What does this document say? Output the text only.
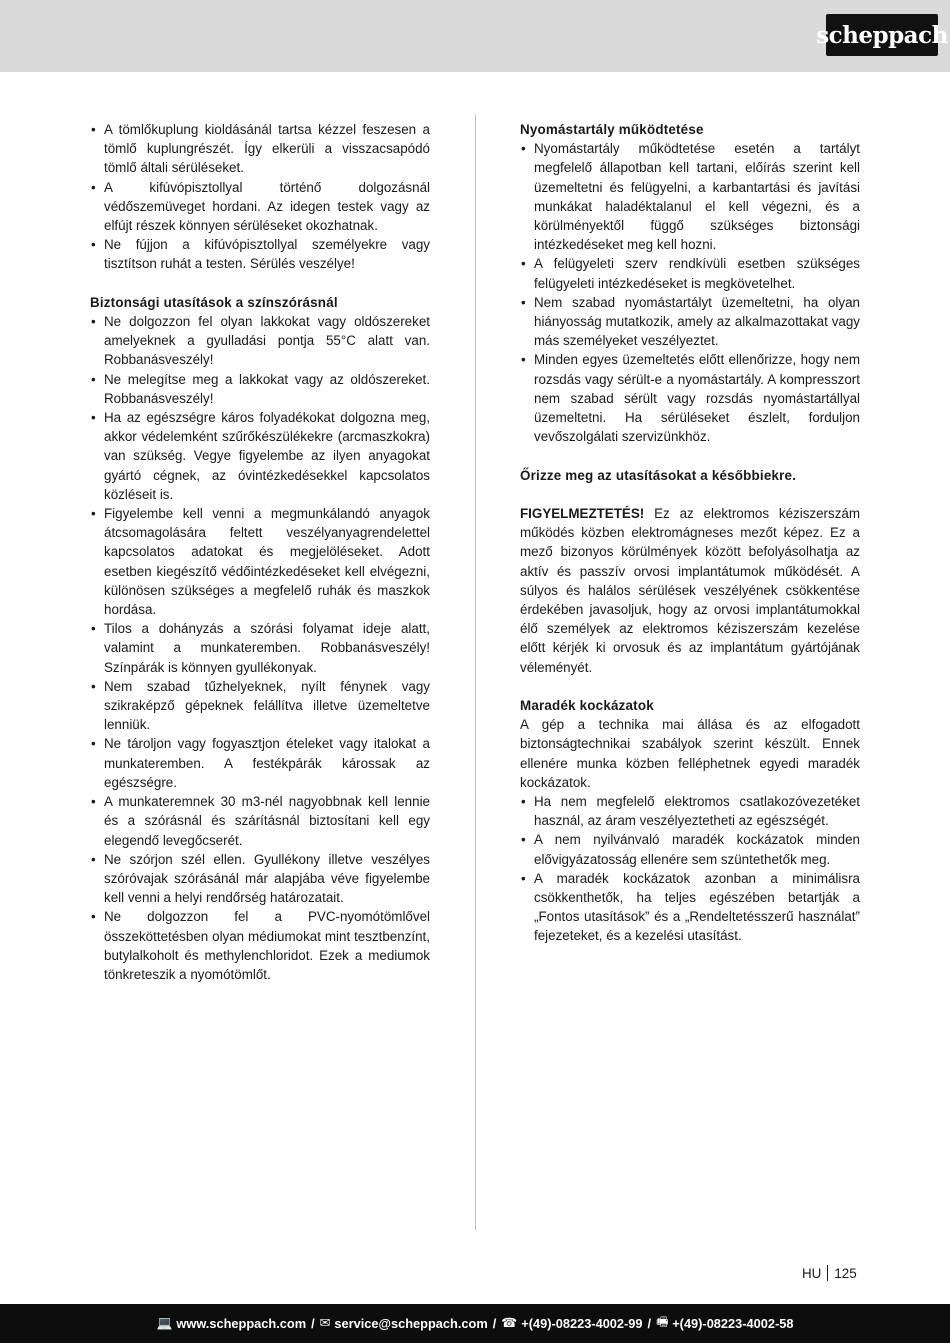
scheppach
• A tömlőkuplung kioldásánál tartsa kézzel feszesen a tömlő kuplungrészét. Így elkerüli a visszacsapódó tömlő általi sérüléseket.
• A kifúvópisztollyal történő dolgozásnál védőszemüveget hordani. Az idegen testek vagy az elfújt részek könnyen sérüléseket okozhatnak.
• Ne fújjon a kifúvópisztollyal személyekre vagy tisztítson ruhát a testen. Sérülés veszélye!
Biztonsági utasítások a színszórásnál
• Ne dolgozzon fel olyan lakkokat vagy oldószereket amelyeknek a gyulladási pontja 55°C alatt van. Robbanásveszély!
• Ne melegítse meg a lakkokat vagy az oldószereket. Robbanásveszély!
• Ha az egészségre káros folyadékokat dolgozna meg, akkor védelemként szűrőkészülékekre (arcmaszkokra) van szükség. Vegye figyelembe az ilyen anyagokat gyártó cégnek, az óvintézkedésekkel kapcsolatos közléseit is.
• Figyelembe kell venni a megmunkálandó anyagok átcsomagolására feltett veszélyanyagrendelettel kapcsolatos adatokat és megjelöléseket. Adott esetben kiegészítő védőintézkedéseket kell elvégezni, különösen szükséges a megfelelő ruhák és maszkok hordása.
• Tilos a dohányzás a szórási folyamat ideje alatt, valamint a munkateremben. Robbanásveszély! Színpárák is könnyen gyullékonyak.
• Nem szabad tűzhelyeknek, nyílt fénynek vagy szikraképző gépeknek felállítva illetve üzemeltetve lenniük.
• Ne tároljon vagy fogyasztjon ételeket vagy italokat a munkateremben. A festékpárák károssak az egészségre.
• A munkateremnek 30 m3-nél nagyobbnak kell lennie és a szórásnál és szárításnál biztosítani kell egy elegendő levegőcserét.
• Ne szórjon szél ellen. Gyullékony illetve veszélyes szóróvajak szórásánál már alapjába véve figyelembe kell venni a helyi rendőrség határozatait.
• Ne dolgozzon fel a PVC-nyomótömlővel összeköttetésben olyan médiumokat mint tesztbenzínt, butylalkoholt és methylenchloridot. Ezek a mediumok tönkreteszik a nyomótömlőt.
Nyomástartály működtetése
• Nyomástartály működtetése esetén a tartályt megfelelő állapotban kell tartani, előírás szerint kell üzemeltetni és felügyelni, a karbantartási és javítási munkákat haladéktalanul el kell végezni, és a körülményektől függő szükséges biztonsági intézkedéseket meg kell hozni.
• A felügyeleti szerv rendkívüli esetben szükséges felügyeleti intézkedéseket is megkövetelhet.
• Nem szabad nyomástartályt üzemeltetni, ha olyan hiányosság mutatkozik, amely az alkalmazottakat vagy más személyeket veszélyeztet.
• Minden egyes üzemeltetés előtt ellenőrizze, hogy nem rozsdás vagy sérült-e a nyomástartály. A kompresszort nem szabad sérült vagy rozsdás nyomástartállyal üzemeltetni. Ha sérüléseket észlelt, forduljon vevőszolgálati szervizünkhöz.
Őrizze meg az utasításokat a későbbiekre.

FIGYELMEZTETÉS! Ez az elektromos kéziszerszám működés közben elektromágneses mezőt képez. Ez a mező bizonyos körülmények között befolyásolhatja az aktív és passzív orvosi implantátumok működését. A súlyos és halálos sérülések veszélyének csökkentése érdekében javasoljuk, hogy az orvosi implantátumokkal élő személyek az elektromos kéziszerszám kezelése előtt kérjék ki orvosuk és az implantátum gyártójának véleményét.

Maradék kockázatok

A gép a technika mai állása és az elfogadott biztonságtechnikai szabályok szerint készült. Ennek ellenére munka közben felléphetnek egyedi maradék kockázatok.

• Ha nem megfelelő elektromos csatlakozóvezetéket használ, az áram veszélyeztetheti az egészségét.
• A nem nyilvánvaló maradék kockázatok minden elővigyázatosság ellenére sem szüntethetők meg.
• A maradék kockázatok azonban a minimálisra csökkenthetők, ha teljes egészében betartják a „Fontos utasítások” és a „Rendeltetésszerű használat” fejezeteket, és a kezelési utasítást.
HU 125
💻 www.scheppach.com / ✉ service@scheppach.com / ☎ +(49)-08223-4002-99 / 🖷 +(49)-08223-4002-58
